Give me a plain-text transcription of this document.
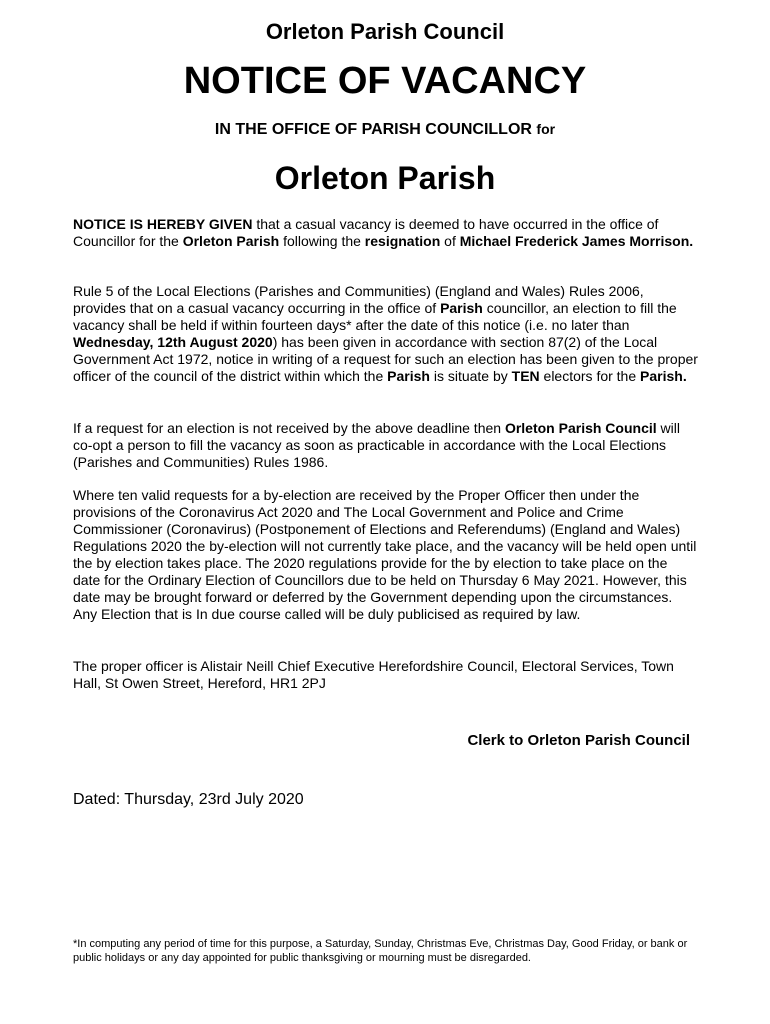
Orleton Parish Council
NOTICE OF VACANCY
IN THE OFFICE OF PARISH COUNCILLOR for
Orleton Parish

NOTICE IS HEREBY GIVEN that a casual vacancy is deemed to have occurred in the office of Councillor for the Orleton Parish following the resignation of Michael Frederick James Morrison.

Rule 5 of the Local Elections (Parishes and Communities) (England and Wales) Rules 2006, provides that on a casual vacancy occurring in the office of Parish councillor, an election to fill the vacancy shall be held if within fourteen days* after the date of this notice (i.e. no later than Wednesday, 12th August 2020) has been given in accordance with section 87(2) of the Local Government Act 1972, notice in writing of a request for such an election has been given to the proper officer of the council of the district within which the Parish is situate by TEN electors for the Parish.

If a request for an election is not received by the above deadline then Orleton Parish Council will co-opt a person to fill the vacancy as soon as practicable in accordance with the Local Elections (Parishes and Communities) Rules 1986.

Where ten valid requests for a by-election are received by the Proper Officer then under the provisions of the Coronavirus Act 2020 and The Local Government and Police and Crime Commissioner (Coronavirus) (Postponement of Elections and Referendums) (England and Wales) Regulations 2020 the by-election will not currently take place, and the vacancy will be held open until the by election takes place. The 2020 regulations provide for the by election to take place on the date for the Ordinary Election of Councillors due to be held on Thursday 6 May 2021. However, this date may be brought forward or deferred by the Government depending upon the circumstances. Any Election that is In due course called will be duly publicised as required by law.

The proper officer is Alistair Neill Chief Executive Herefordshire Council, Electoral Services, Town Hall, St Owen Street, Hereford, HR1 2PJ

Clerk to Orleton Parish Council
Dated: Thursday, 23rd July 2020
*In computing any period of time for this purpose, a Saturday, Sunday, Christmas Eve, Christmas Day, Good Friday, or bank or public holidays or any day appointed for public thanksgiving or mourning must be disregarded.
